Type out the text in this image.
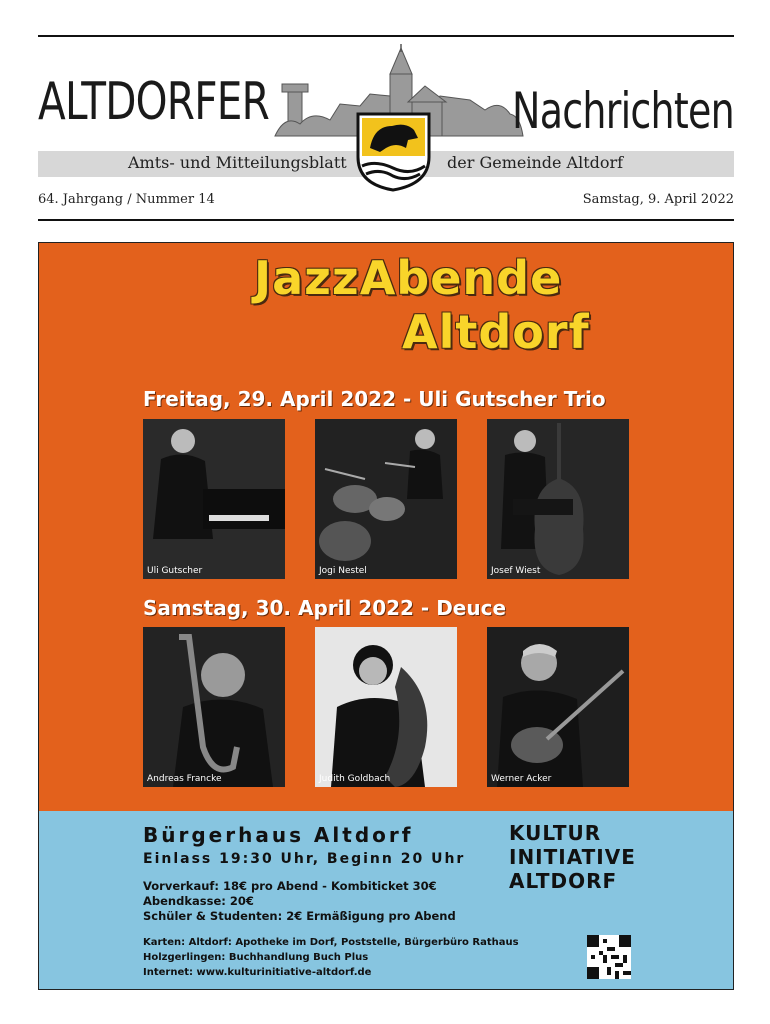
ALTDORFER
Amts- und Mitteilungsblatt	der Gemeinde Altdorf
Nachrichten
64. Jahrgang / Nummer 14	Samstag, 9. April 2022
JazzAbende
Altdorf
Freitag, 29. April 2022 - Uli Gutscher Trio
Uli Gutscher	Jogi Nestel	Josef Wiest
Samstag, 30. April 2022 - Deuce
Andreas Francke	Judith Goldbach	Werner Acker
Bürgerhaus Altdorf
Einlass 19:30 Uhr, Beginn 20 Uhr
Vorverkauf: 18€ pro Abend - Kombiticket 30€
Abendkasse: 20€
Schüler & Studenten: 2€ Ermäßigung pro Abend
Karten: Altdorf: Apotheke im Dorf, Poststelle, Bürgerbüro Rathaus
Holzgerlingen: Buchhandlung Buch Plus
Internet: www.kulturinitiative-altdorf.de
KULTUR
INITIATIVE
ALTDORF
